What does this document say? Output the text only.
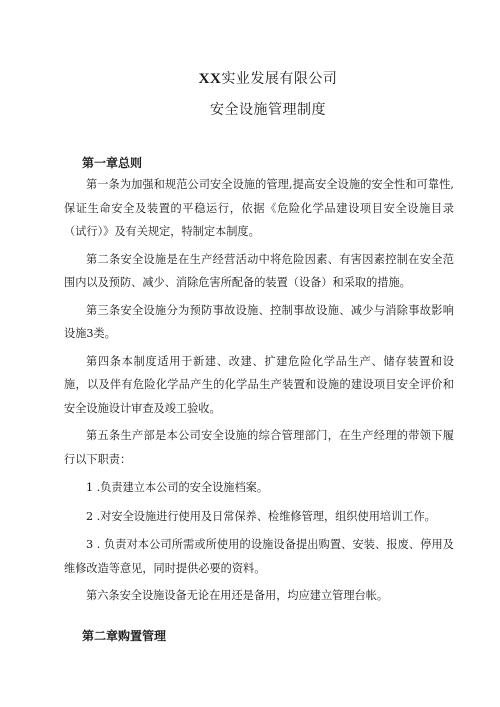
XX实业发展有限公司
安全设施管理制度
第一章总则

第一条为加强和规范公司安全设施的管理,提高安全设施的安全性和可靠性,保证生命安全及装置的平稳运行，依据《危险化学品建设项目安全设施目录（试行）》及有关规定，特制定本制度。

第二条安全设施是在生产经营活动中将危险因素、有害因素控制在安全范围内以及预防、减少、消除危害所配备的装置（设备）和采取的措施。

第三条安全设施分为预防事故设施、控制事故设施、减少与消除事故影响设施3类。

第四条本制度适用于新建、改建、扩建危险化学品生产、储存装置和设施，以及伴有危险化学品产生的化学品生产装置和设施的建设项目安全评价和安全设施设计审查及竣工验收。

第五条生产部是本公司安全设施的综合管理部门，在生产经理的带领下履行以下职责：

1 .负责建立本公司的安全设施档案。

2 .对安全设施进行使用及日常保养、检维修管理，组织使用培训工作。

3 . 负责对本公司所需或所使用的设施设备提出购置、安装、报废、停用及维修改造等意见，同时提供必要的资料。

第六条安全设施设备无论在用还是备用，均应建立管理台帐。

第二章购置管理
